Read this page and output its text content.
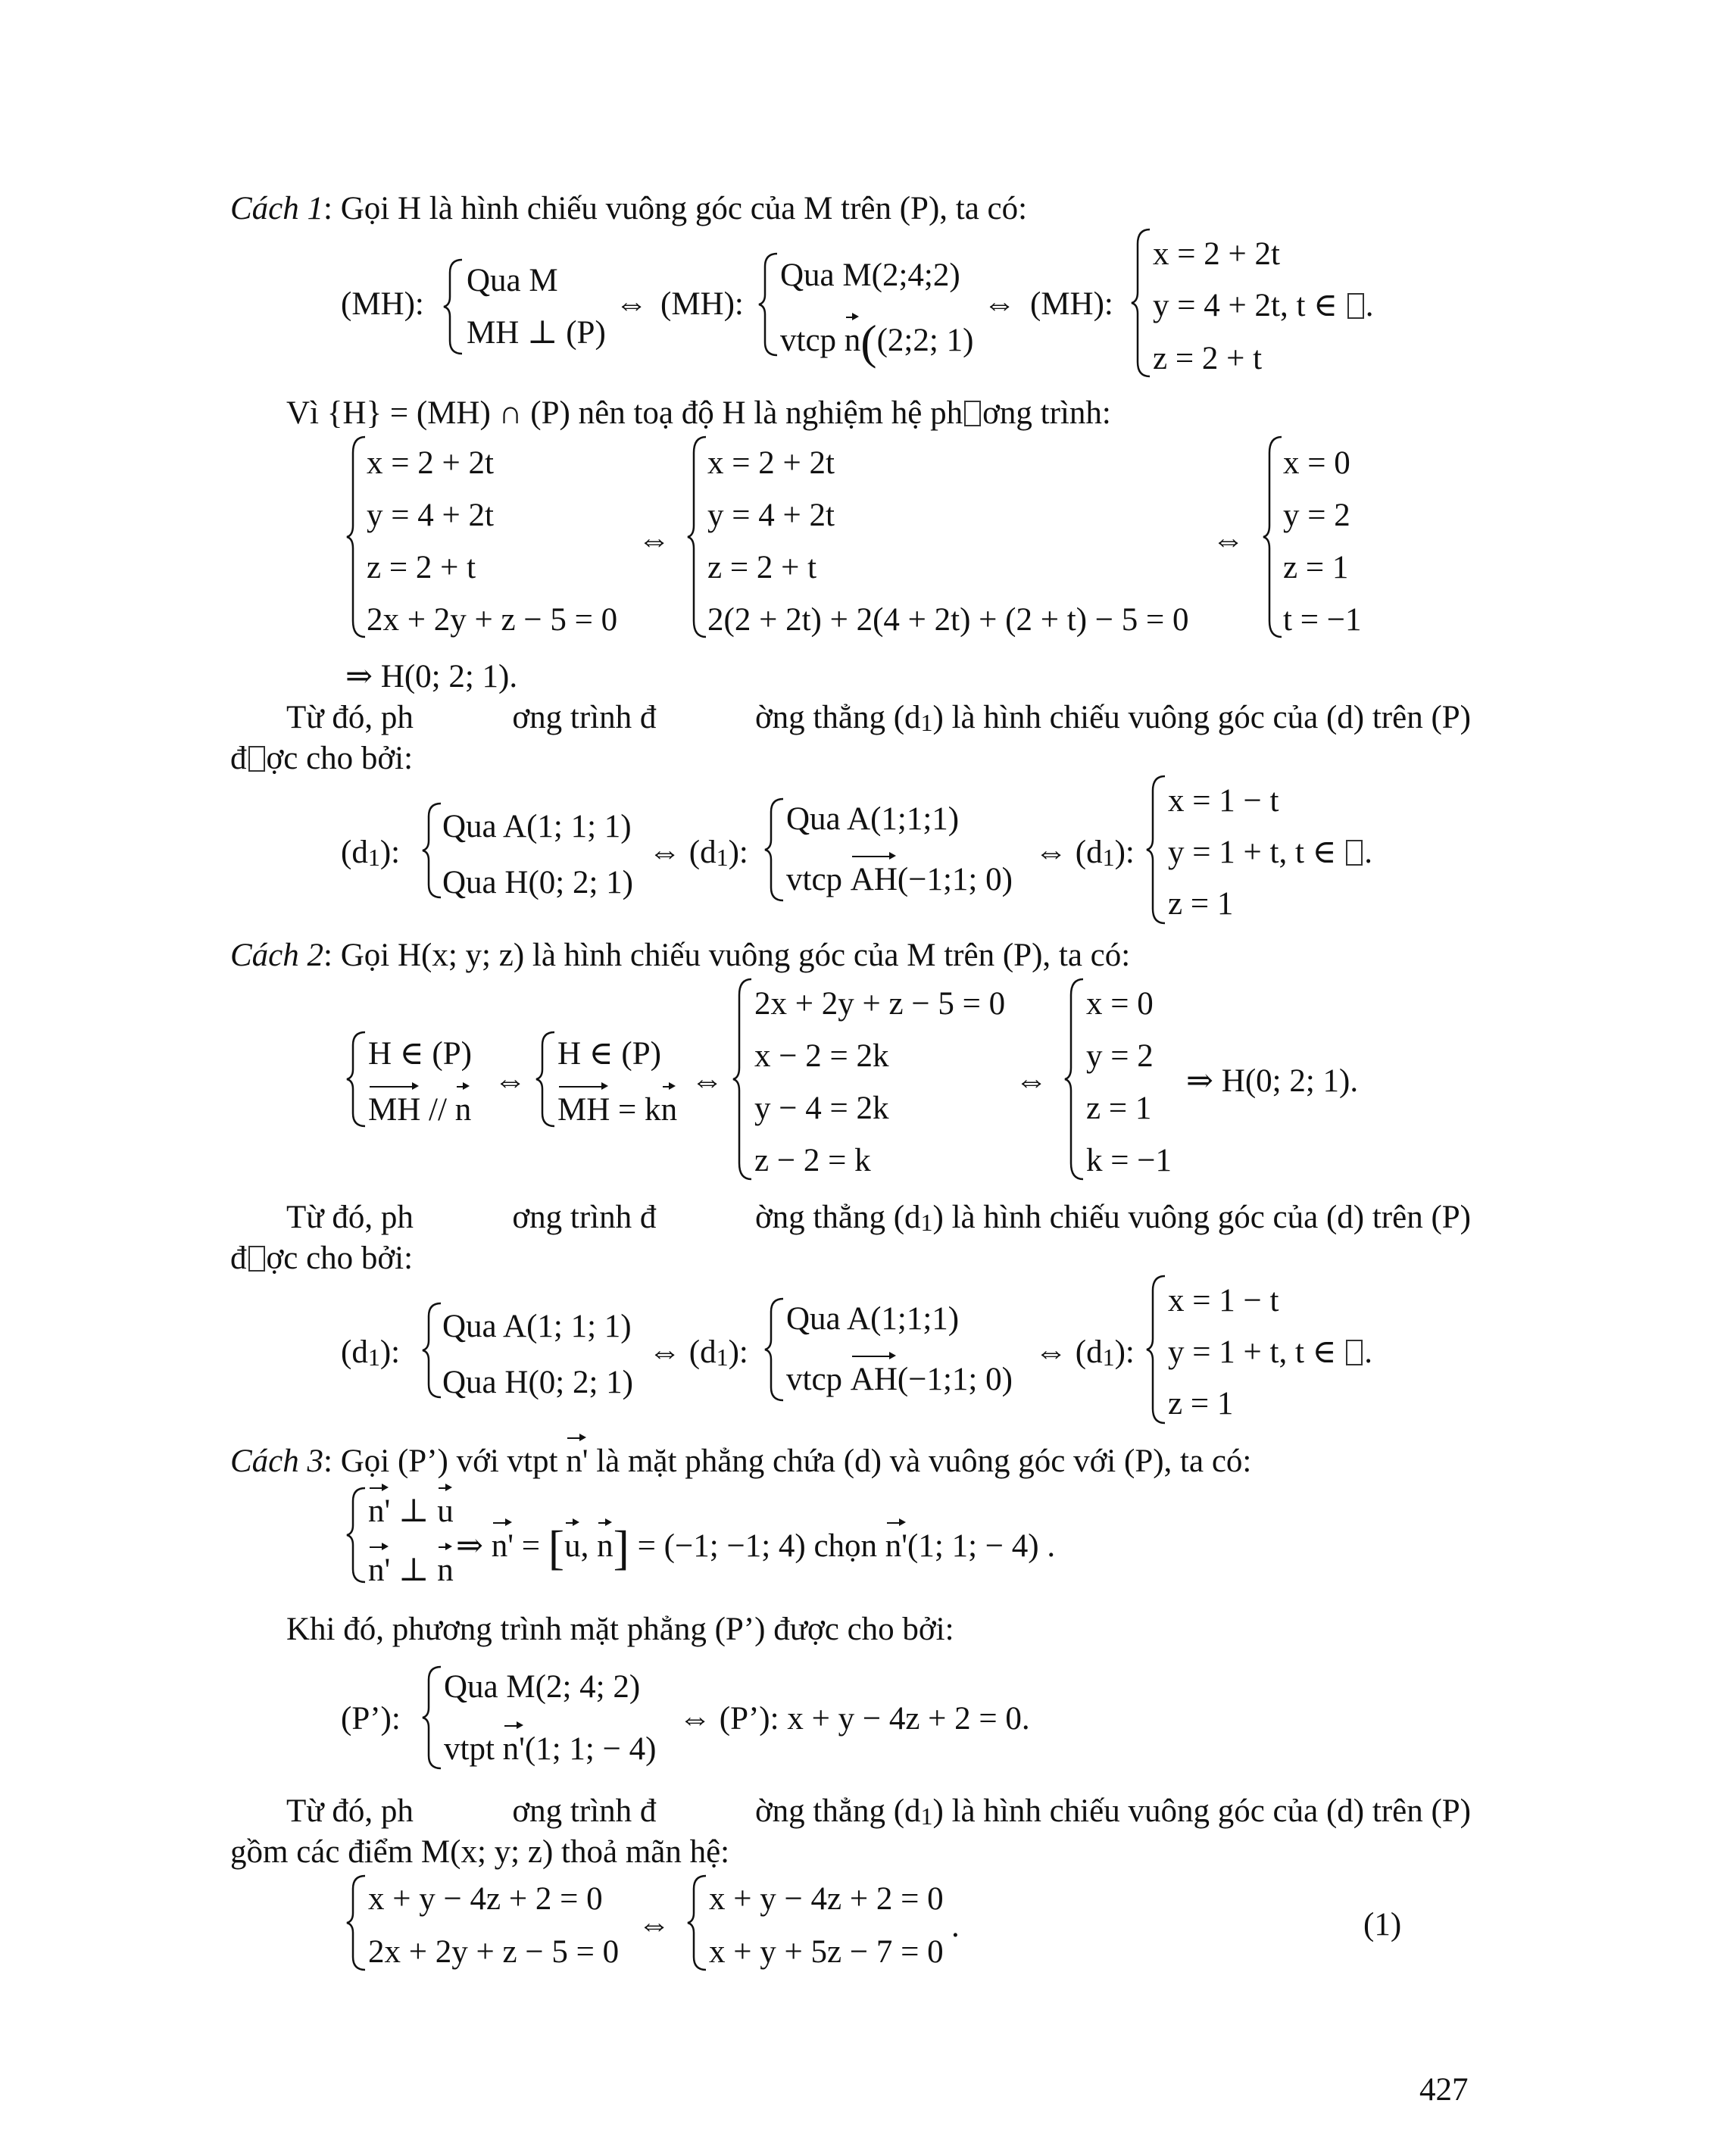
Cách 1: Gọi H là hình chiếu vuông góc của M trên (P), ta có:
(MH):
Qua M
MH ⊥ (P)
⇔ (MH):
Qua M(2;4;2)
vtcp n((2;2; 1)
⇔ (MH):
x = 2 + 2t
y = 4 + 2t, t ∈ .
z = 2 + t
Vì {H} = (MH) ∩ (P) nên toạ độ H là nghiệm hệ ph ơng trình:
x = 2 + 2t
y = 4 + 2t
z = 2 + t
2x + 2y + z − 5 = 0
⇔
x = 2 + 2t
y = 4 + 2t
z = 2 + t
2(2 + 2t) + 2(4 + 2t) + (2 + t) − 5 = 0
⇔
x = 0
y = 2
z = 1
t = −1
⇒ H(0; 2; 1).
Từ đó, ph	ơng trình đ	ờng thẳng (d1) là hình chiếu vuông góc của (d) trên (P)
đ ợc cho bởi:
(d1):
Qua A(1; 1; 1)
Qua H(0; 2; 1)
⇔ (d1):
Qua A(1;1;1)
vtcp AH(−1;1; 0)
⇔ (d1):
x = 1 − t
y = 1 + t, t ∈ .
z = 1
Cách 2: Gọi H(x; y; z) là hình chiếu vuông góc của M trên (P), ta có:
H ∈ (P)
MH // n
⇔
H ∈ (P)
MH = kn
⇔
2x + 2y + z − 5 = 0
x − 2 = 2k
y − 4 = 2k
z − 2 = k
⇔
x = 0
y = 2
z = 1
k = −1
⇒ H(0; 2; 1).
Từ đó, ph	ơng trình đ	ờng thẳng (d1) là hình chiếu vuông góc của (d) trên (P)
đ ợc cho bởi:
(d1):
Qua A(1; 1; 1)
Qua H(0; 2; 1)
⇔ (d1):
Qua A(1;1;1)
vtcp AH(−1;1; 0)
⇔ (d1):
x = 1 − t
y = 1 + t, t ∈ .
z = 1
Cách 3: Gọi (P’) với vtpt n' là mặt phẳng chứa (d) và vuông góc với (P), ta có:
n' ⊥ u
n' ⊥ n
⇒ n' = [u, n] = (−1; −1; 4) chọn n'(1; 1; − 4) .
Khi đó, phương trình mặt phẳng (P’) được cho bởi:
(P’):
Qua M(2; 4; 2)
vtpt n'(1; 1; − 4)
⇔ (P’): x + y − 4z + 2 = 0.
Từ đó, ph	ơng trình đ	ờng thẳng (d1) là hình chiếu vuông góc của (d) trên (P)
gồm các điểm M(x; y; z) thoả mãn hệ:
x + y − 4z + 2 = 0
2x + 2y + z − 5 = 0
⇔
x + y − 4z + 2 = 0
x + y + 5z − 7 = 0
.	(1)
427
